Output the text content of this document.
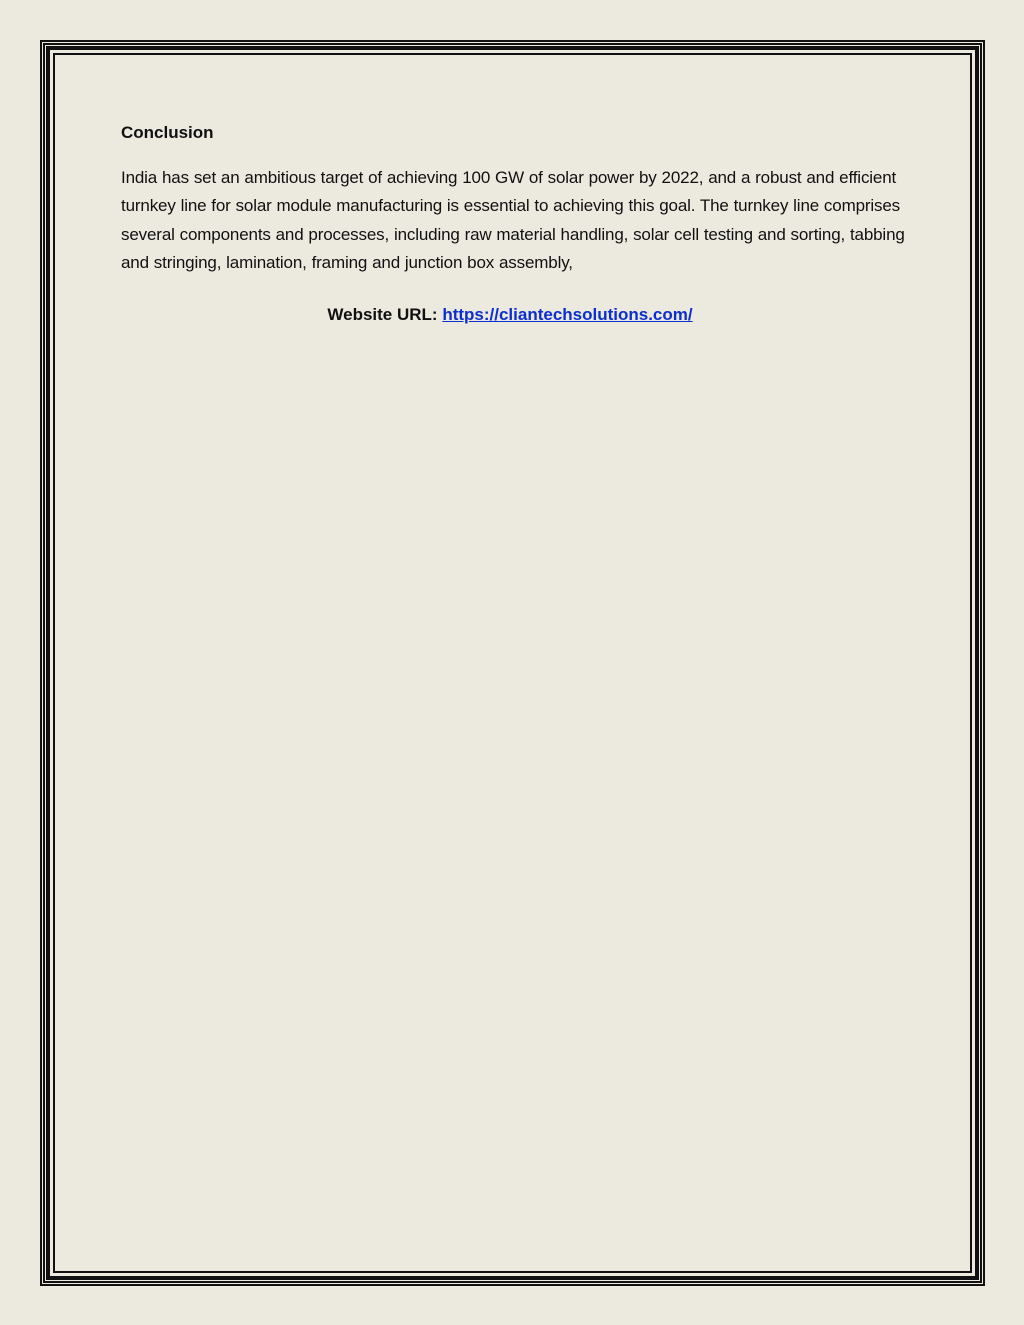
Conclusion

India has set an ambitious target of achieving 100 GW of solar power by 2022, and a robust and efficient turnkey line for solar module manufacturing is essential to achieving this goal. The turnkey line comprises several components and processes, including raw material handling, solar cell testing and sorting, tabbing and stringing, lamination, framing and junction box assembly,

Website URL: https://cliantechsolutions.com/
